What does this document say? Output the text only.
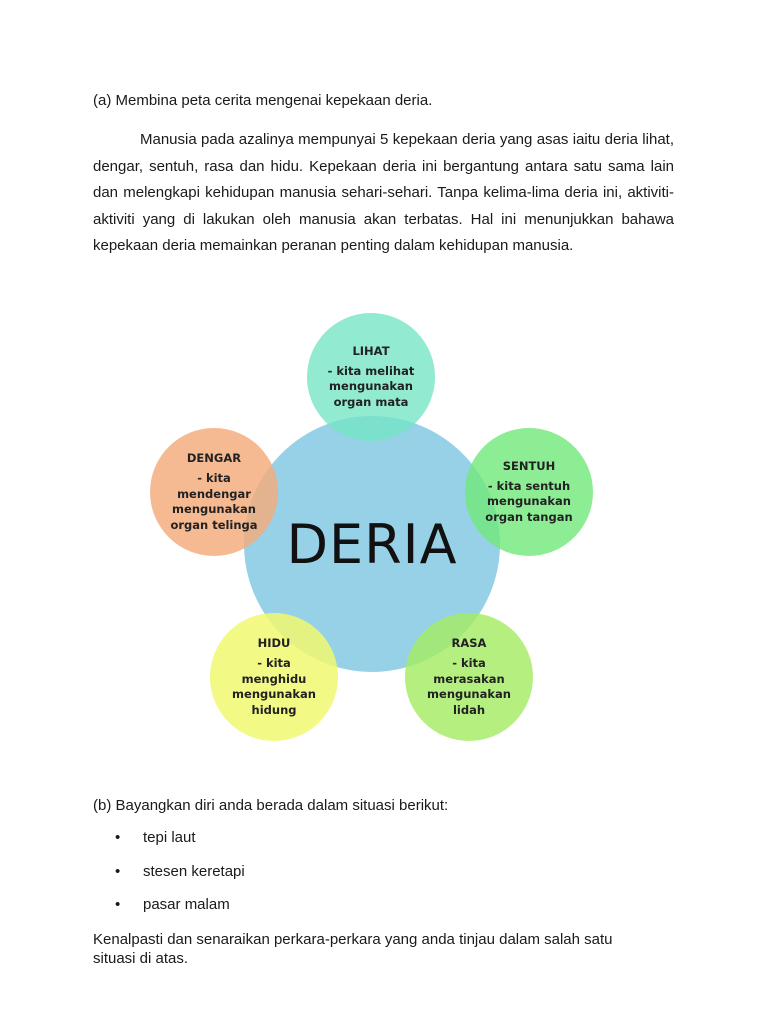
(a) Membina peta cerita mengenai kepekaan deria.

Manusia pada azalinya mempunyai 5 kepekaan deria yang asas iaitu deria lihat, dengar, sentuh, rasa dan hidu. Kepekaan deria ini bergantung antara satu sama lain dan melengkapi kehidupan manusia sehari-sehari. Tanpa kelima-lima deria ini, aktiviti-aktiviti yang di lakukan oleh manusia akan terbatas. Hal ini menunjukkan bahawa kepekaan deria memainkan peranan penting dalam kehidupan manusia.

DERIA
LIHAT
- kita melihat mengunakan organ mata
DENGAR
- kita mendengar mengunakan organ telinga
SENTUH
- kita sentuh mengunakan organ tangan
HIDU
- kita menghidu mengunakan hidung
RASA
- kita merasakan mengunakan lidah
(b) Bayangkan diri anda berada dalam situasi berikut:
• tepi laut
• stesen keretapi
• pasar malam

Kenalpasti dan senaraikan perkara-perkara yang anda tinjau dalam salah satu situasi di atas.
